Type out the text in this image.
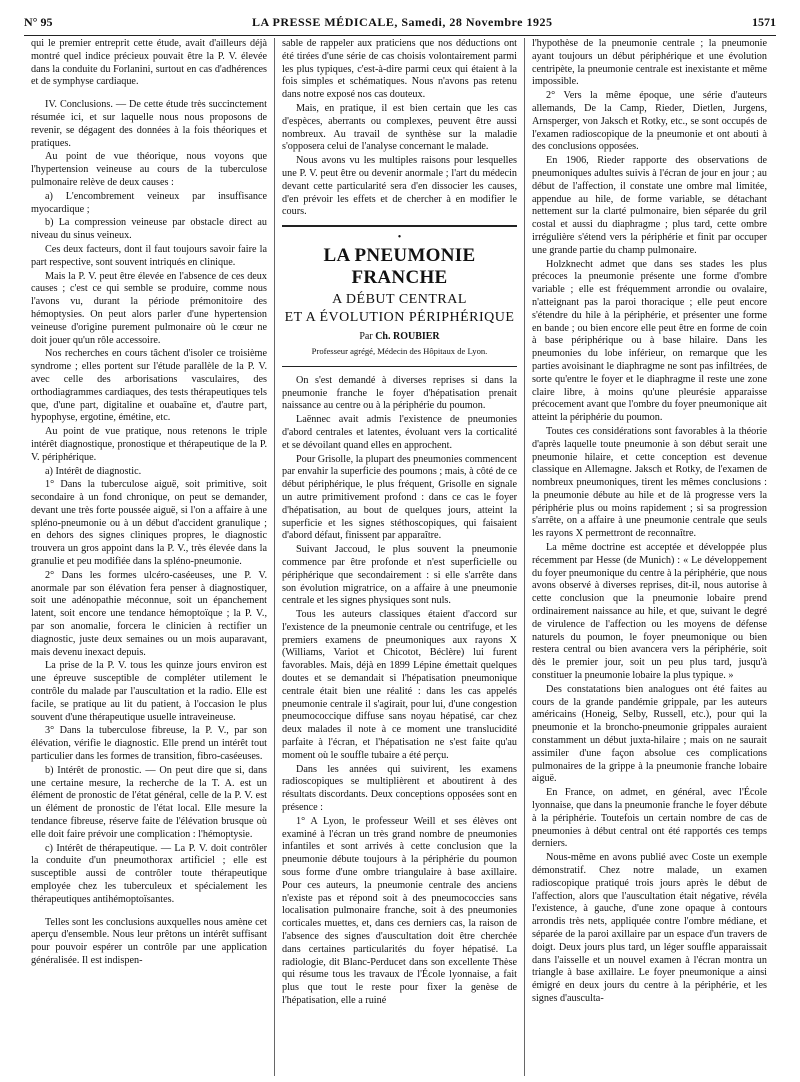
N° 95	LA PRESSE MÉDICALE, Samedi, 28 Novembre 1925	1571

qui le premier entreprit cette étude, avait d'ailleurs déjà montré quel indice précieux pouvait être la P. V. élevée dans la conduite du Forlanini, surtout en cas d'adhérences et de symphyse cardiaque.

IV. Conclusions. — De cette étude très succinctement résumée ici, et sur laquelle nous nous proposons de revenir, se dégagent des données à la fois théoriques et pratiques.

Au point de vue théorique, nous voyons que l'hypertension veineuse au cours de la tuberculose pulmonaire relève de deux causes :

a) L'encombrement veineux par insuffisance myocardique ;

b) La compression veineuse par obstacle direct au niveau du sinus veineux.

Ces deux facteurs, dont il faut toujours savoir faire la part respective, sont souvent intriqués en clinique.

Mais la P. V. peut être élevée en l'absence de ces deux causes ; c'est ce qui semble se produire, comme nous l'avons vu, durant la période prémonitoire des hémoptysies. On peut alors parler d'une hypertension veineuse d'origine purement pulmonaire où le cœur ne doit jouer qu'un rôle accessoire.

Nos recherches en cours tâchent d'isoler ce troisième syndrome ; elles portent sur l'étude parallèle de la P. V. avec celle des arborisations vasculaires, des orthodiagrammes cardiaques, des tests thérapeutiques tels que, d'une part, digitaline et ouabaïne et, d'autre part, hypophyse, ergotine, émétine, etc.

Au point de vue pratique, nous retenons le triple intérêt diagnostique, pronostique et thérapeutique de la P. V. périphérique.

a) Intérêt de diagnostic.

1° Dans la tuberculose aiguë, soit primitive, soit secondaire à un fond chronique, on peut se demander, devant une très forte poussée aiguë, si l'on a affaire à une spléno-pneumonie ou à un début d'accident granulique ; en dehors des signes cliniques propres, le diagnostic trouvera un gros appoint dans la P. V., très élevée dans la granulie et peu modifiée dans la spléno-pneumonie.

2° Dans les formes ulcéro-caséeuses, une P. V. anormale par son élévation fera penser à diagnostiquer, soit une adénopathie méconnue, soit un épanchement latent, soit encore une tendance hémoptoïque ; la P. V., par son anomalie, forcera le clinicien à rectifier un diagnostic, juste deux semaines ou un mois auparavant, mais devenu inexact depuis.

La prise de la P. V. tous les quinze jours environ est une épreuve susceptible de compléter utilement le contrôle du malade par l'auscultation et la radio. Elle est facile, se pratique au lit du patient, à l'occasion le plus souvent d'une thérapeutique usuelle intraveineuse.

3° Dans la tuberculose fibreuse, la P. V., par son élévation, vérifie le diagnostic. Elle prend un intérêt tout particulier dans les formes de transition, fibro-caséeuses.

b) Intérêt de pronostic. — On peut dire que si, dans une certaine mesure, la recherche de la T. A. est un élément de pronostic de l'état général, celle de la P. V. est un élément de pronostic de l'état local. Elle mesure la tendance fibreuse, réserve faite de l'élévation brusque où elle doit faire prévoir une complication : l'hémoptysie.

c) Intérêt de thérapeutique. — La P. V. doit contrôler la conduite d'un pneumothorax artificiel ; elle est susceptible aussi de contrôler toute thérapeutique employée chez les tuberculeux et spécialement les thérapeutiques antihémoptoïsantes.

Telles sont les conclusions auxquelles nous amène cet aperçu d'ensemble. Nous leur prêtons un intérêt suffisant pour pouvoir espérer un contrôle par une application généralisée. Il est indispen-

sable de rappeler aux praticiens que nos déductions ont été tirées d'une série de cas choisis volontairement parmi les plus typiques, c'est-à-dire parmi ceux qui étaient à la fois simples et schématiques. Nous n'avons pas retenu dans notre exposé nos cas douteux.

Mais, en pratique, il est bien certain que les cas d'espèces, aberrants ou complexes, peuvent être aussi nombreux. Au travail de synthèse sur la maladie s'opposera celui de l'analyse concernant le malade.

Nous avons vu les multiples raisons pour lesquelles une P. V. peut être ou devenir anormale ; l'art du médecin devant cette particularité sera d'en dissocier les causes, d'en prévoir les effets et de chercher à en modifier le cours.

•
LA PNEUMONIE FRANCHE
A DÉBUT CENTRAL
ET A ÉVOLUTION PÉRIPHÉRIQUE
Par Ch. ROUBIER
Professeur agrégé, Médecin des Hôpitaux de Lyon.

On s'est demandé à diverses reprises si dans la pneumonie franche le foyer d'hépatisation prenait naissance au centre ou à la périphérie du poumon.

Laënnec avait admis l'existence de pneumonies d'abord centrales et latentes, évoluant vers la corticalité et se dévoilant quand elles en approchent.

Pour Grisolle, la plupart des pneumonies commencent par envahir la superficie des poumons ; mais, à côté de ce début périphérique, le plus fréquent, Grisolle en signale un autre primitivement profond : dans ce cas le foyer d'hépatisation, au bout de quelques jours, atteint la superficie et les signes stéthoscopiques, qui faisaient d'abord défaut, finissent par apparaître.

Suivant Jaccoud, le plus souvent la pneumonie commence par être profonde et n'est superficielle ou périphérique que secondairement : si elle s'arrête dans son évolution migratrice, on a affaire à une pneumonie centrale et les signes physiques sont nuls.

Tous les auteurs classiques étaient d'accord sur l'existence de la pneumonie centrale ou centrifuge, et les premiers examens de pneumoniques aux rayons X (Williams, Variot et Chicotot, Béclère) lui furent favorables. Mais, déjà en 1899 Lépine émettait quelques doutes et se demandait si l'hépatisation pneumonique centrale était bien une réalité : dans les cas appelés pneumonie centrale il s'agirait, pour lui, d'une congestion pneumococcique diffuse sans noyau hépatisé, car chez deux malades il note à ce moment une translucidité parfaite à l'écran, et l'hépatisation ne s'est faite qu'au moment où le souffle tubaire a été perçu.

Dans les années qui suivirent, les examens radioscopiques se multiplièrent et aboutirent à des résultats discordants. Deux conceptions opposées sont en présence :

1° A Lyon, le professeur Weill et ses élèves ont examiné à l'écran un très grand nombre de pneumonies infantiles et sont arrivés à cette conclusion que la pneumonie débute toujours à la périphérie du poumon sous forme d'une ombre triangulaire à base axillaire. Pour ces auteurs, la pneumonie centrale des anciens n'existe pas et répond soit à des pneumococcies sans localisation pulmonaire franche, soit à des pneumonies corticales muettes, et, dans ces derniers cas, la raison de l'absence des signes d'auscultation doit être cherchée dans certaines particularités du foyer hépatisé. La radiologie, dit Blanc-Perducet dans son excellente Thèse qui résume tous les travaux de l'École lyonnaise, a fait plus que tout le reste pour fixer la genèse de l'hépatisation, elle a ruiné

l'hypothèse de la pneumonie centrale ; la pneumonie ayant toujours un début périphérique et une évolution centripète, la pneumonie centrale est inexistante et même impossible.

2° Vers la même époque, une série d'auteurs allemands, De la Camp, Rieder, Dietlen, Jurgens, Arnsperger, von Jaksch et Rotky, etc., se sont occupés de l'examen radioscopique de la pneumonie et ont abouti à des conclusions opposées.

En 1906, Rieder rapporte des observations de pneumoniques adultes suivis à l'écran de jour en jour ; au début de l'affection, il constate une ombre mal limitée, appendue au hile, de forme variable, se détachant nettement sur la clarté pulmonaire, bien séparée du gril costal et aussi du diaphragme ; plus tard, cette ombre irrégulière s'étend vers la périphérie et finit par occuper une grande partie du champ pulmonaire.

Holzknecht admet que dans ses stades les plus précoces la pneumonie présente une forme d'ombre variable ; elle est fréquemment arrondie ou ovalaire, n'atteignant pas la paroi thoracique ; elle peut encore s'étendre du hile à la périphérie, et présenter une forme en bande ; ou bien encore elle peut être en forme de coin à base périphérique ou à base hilaire. Dans les pneumonies du lobe inférieur, on remarque que les parties avoisinant le diaphragme ne sont pas infiltrées, de sorte qu'entre le foyer et le diaphragme il reste une zone claire libre, à moins qu'une pleurésie apparaisse précocement avant que l'ombre du foyer pneumonique ait atteint la périphérie du poumon.

Toutes ces considérations sont favorables à la théorie d'après laquelle toute pneumonie à son début serait une pneumonie hilaire, et cette conception est devenue classique en Allemagne. Jaksch et Rotky, de l'examen de nombreux pneumoniques, tirent les mêmes conclusions : la pneumonie débute au hile et de là progresse vers la périphérie plus ou moins rapidement ; si sa progression s'arrête, on a affaire à une pneumonie centrale que seuls les rayons X permettront de reconnaître.

La même doctrine est acceptée et développée plus récemment par Hesse (de Munich) : « Le développement du foyer pneumonique du centre à la périphérie, que nous avons observé à diverses reprises, dit-il, nous autorise à cette conclusion que la pneumonie lobaire prend ordinairement naissance au hile, et que, suivant le degré de virulence de l'affection ou les moyens de défense naturels du poumon, le foyer pneumonique ou bien restera central ou bien avancera vers la périphérie, soit dès le premier jour, soit un peu plus tard, jusqu'à constituer la pneumonie lobaire la plus typique. »

Des constatations bien analogues ont été faites au cours de la grande pandémie grippale, par les auteurs américains (Honeig, Selby, Russell, etc.), pour qui la pneumonie et la broncho-pneumonie grippales auraient constamment un début juxta-hilaire ; mais on ne saurait assimiler d'une façon absolue ces complications pulmonaires de la grippe à la pneumonie franche lobaire aiguë.

En France, on admet, en général, avec l'École lyonnaise, que dans la pneumonie franche le foyer débute à la périphérie. Toutefois un certain nombre de cas de pneumonies à début central ont été rapportés ces temps derniers.

Nous-même en avons publié avec Coste un exemple démonstratif. Chez notre malade, un examen radioscopique pratiqué trois jours après le début de l'affection, alors que l'auscultation était négative, révéla l'existence, à gauche, d'une zone opaque à contours arrondis très nets, appliquée contre l'ombre médiane, et séparée de la paroi axillaire par un espace d'un travers de doigt. Deux jours plus tard, un léger souffle apparaissait dans l'aisselle et un nouvel examen à l'écran montra un triangle à base axillaire. Le foyer pneumonique a ainsi émigré en deux jours du centre à la périphérie, et les signes d'ausculta-
